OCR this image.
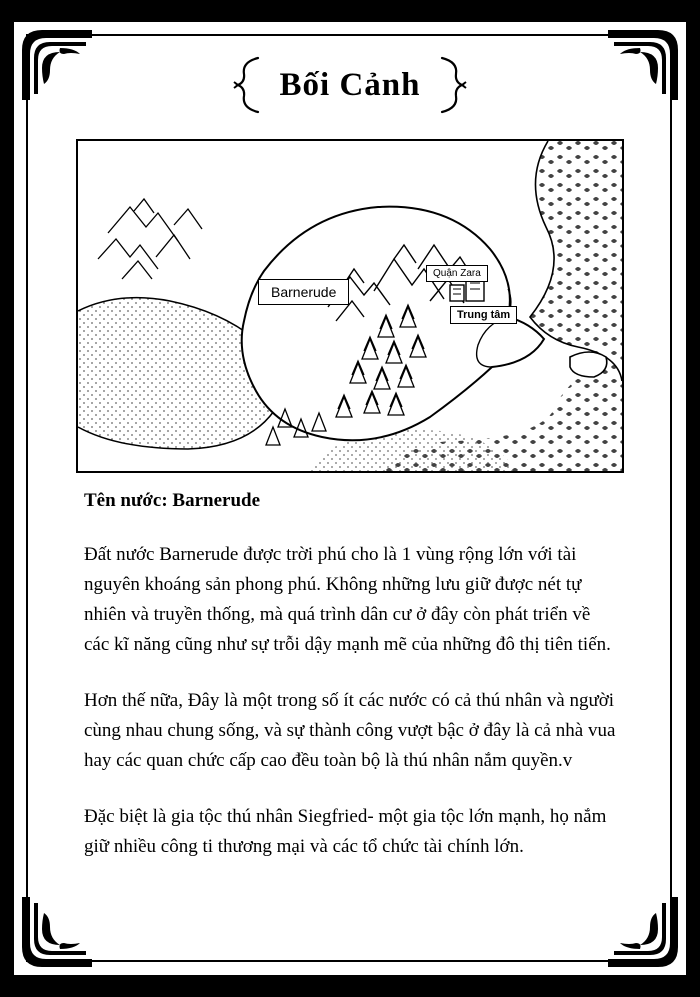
Bối Cảnh
Barnerude
Quận Zara
Trung tâm

Tên nước: Barnerude

Đất nước Barnerude được trời phú cho là 1 vùng rộng lớn với tài nguyên khoáng sản phong phú. Không những lưu giữ được nét tự nhiên và truyền thống, mà quá trình dân cư ở đây còn phát triển về các kĩ năng cũng như sự trỗi dậy mạnh mẽ của những đô thị tiên tiến.

Hơn thế nữa, Đây là một trong số ít các nước có cả thú nhân và người cùng nhau chung sống, và sự thành công vượt bậc ở đây là cả nhà vua hay các quan chức cấp cao đều toàn bộ là thú nhân nắm quyền.v

Đặc biệt là gia tộc thú nhân Siegfried- một gia tộc lớn mạnh, họ nắm giữ nhiều công ti thương mại và các tổ chức tài chính lớn.
